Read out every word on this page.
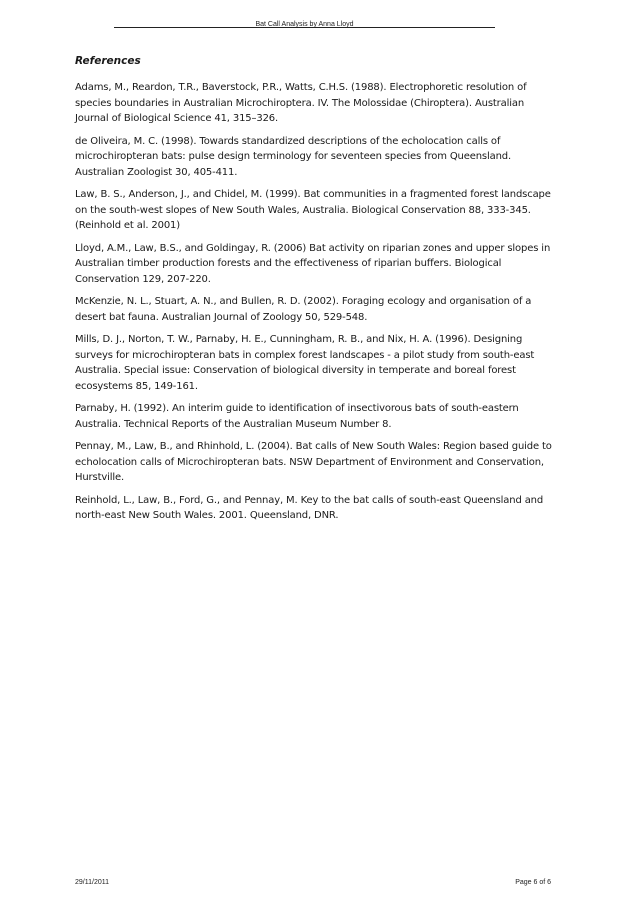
Bat Call Analysis by Anna Lloyd
References
Adams, M., Reardon, T.R., Baverstock, P.R., Watts, C.H.S. (1988). Electrophoretic resolution of species boundaries in Australian Microchiroptera. IV. The Molossidae (Chiroptera). Australian Journal of Biological Science 41, 315–326.
de Oliveira, M. C. (1998). Towards standardized descriptions of the echolocation calls of microchiropteran bats: pulse design terminology for seventeen species from Queensland. Australian Zoologist 30, 405-411.
Law, B. S., Anderson, J., and Chidel, M. (1999). Bat communities in a fragmented forest landscape on the south-west slopes of New South Wales, Australia. Biological Conservation 88, 333-345. (Reinhold et al. 2001)
Lloyd, A.M., Law, B.S., and Goldingay, R. (2006) Bat activity on riparian zones and upper slopes in Australian timber production forests and the effectiveness of riparian buffers. Biological Conservation 129, 207-220.
McKenzie, N. L., Stuart, A. N., and Bullen, R. D. (2002). Foraging ecology and organisation of a desert bat fauna. Australian Journal of Zoology 50, 529-548.
Mills, D. J., Norton, T. W., Parnaby, H. E., Cunningham, R. B., and Nix, H. A. (1996). Designing surveys for microchiropteran bats in complex forest landscapes - a pilot study from south-east Australia. Special issue: Conservation of biological diversity in temperate and boreal forest ecosystems 85, 149-161.
Parnaby, H. (1992). An interim guide to identification of insectivorous bats of south-eastern Australia. Technical Reports of the Australian Museum Number 8.
Pennay, M., Law, B., and Rhinhold, L. (2004). Bat calls of New South Wales: Region based guide to echolocation calls of Microchiropteran bats. NSW Department of Environment and Conservation, Hurstville.
Reinhold, L., Law, B., Ford, G., and Pennay, M. Key to the bat calls of south-east Queensland and north-east New South Wales. 2001. Queensland, DNR.
29/11/2011	Page 6 of 6
